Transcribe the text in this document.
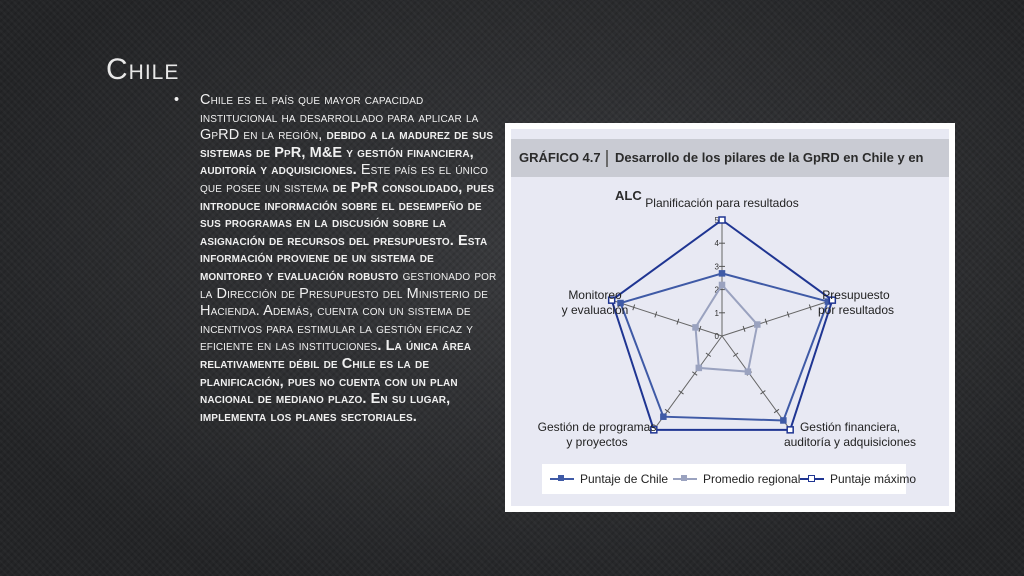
Chile
• Chile es el país que mayor capacidad institucional ha desarrollado para aplicar la GpRD en la región, debido a la madurez de sus sistemas de PpR, M&E y gestión financiera, auditoría y adquisiciones. Este país es el único que posee un sistema de PpR consolidado, pues introduce información sobre el desempeño de sus programas en la discusión sobre la asignación de recursos del presupuesto. Esta información proviene de un sistema de monitoreo y evaluación robusto gestionado por la Dirección de Presupuesto del Ministerio de Hacienda. Además, cuenta con un sistema de incentivos para estimular la gestión eficaz y eficiente en las instituciones. La única área relativamente débil de Chile es la de planificación, pues no cuenta con un plan nacional de mediano plazo. En su lugar, implementa los planes sectoriales.
GRÁFICO 4.7 Desarrollo de los pilares de la GpRD en Chile y en ALC
0
1
2
3
4
5
Planificación para resultados
Presupuesto por resultados
Gestión financiera, auditoría y adquisiciones
Gestión de programas y proyectos
Monitoreo y evaluación
Puntaje de Chile	Promedio regional Puntaje máximo
